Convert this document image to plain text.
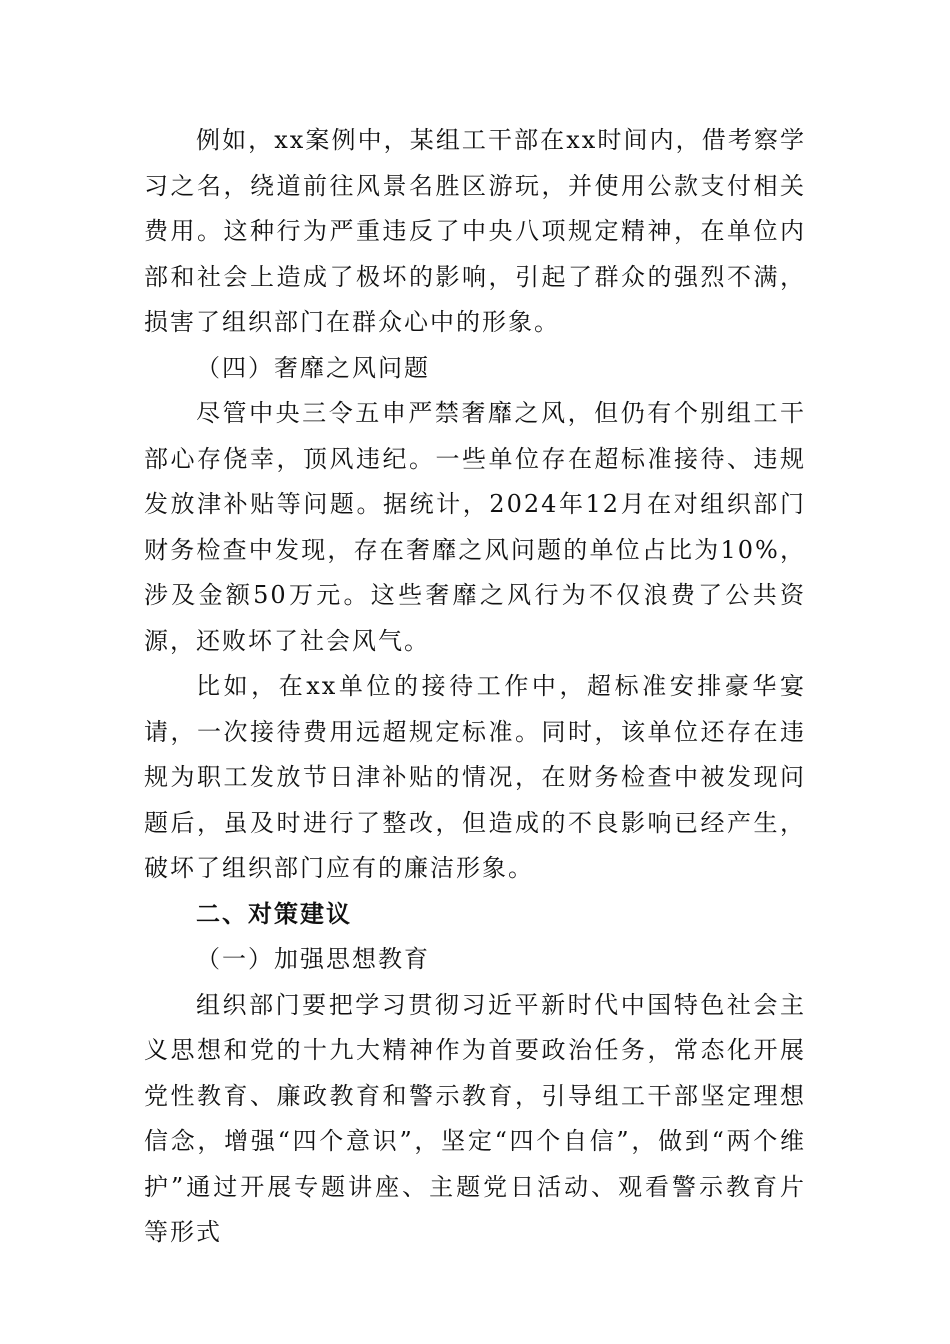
例如，xx案例中，某组工干部在xx时间内，借考察学习之名，绕道前往风景名胜区游玩，并使用公款支付相关费用。这种行为严重违反了中央八项规定精神，在单位内部和社会上造成了极坏的影响，引起了群众的强烈不满，损害了组织部门在群众心中的形象。

（四）奢靡之风问题

尽管中央三令五申严禁奢靡之风，但仍有个别组工干部心存侥幸，顶风违纪。一些单位存在超标准接待、违规发放津补贴等问题。据统计，2024年12月在对组织部门财务检查中发现，存在奢靡之风问题的单位占比为10%，涉及金额50万元。这些奢靡之风行为不仅浪费了公共资源，还败坏了社会风气。

比如，在xx单位的接待工作中，超标准安排豪华宴请，一次接待费用远超规定标准。同时，该单位还存在违规为职工发放节日津补贴的情况，在财务检查中被发现问题后，虽及时进行了整改，但造成的不良影响已经产生，破坏了组织部门应有的廉洁形象。

二、对策建议

（一）加强思想教育

组织部门要把学习贯彻习近平新时代中国特色社会主义思想和党的十九大精神作为首要政治任务，常态化开展党性教育、廉政教育和警示教育，引导组工干部坚定理想信念，增强“四个意识”，坚定“四个自信”，做到“两个维护”通过开展专题讲座、主题党日活动、观看警示教育片等形式
